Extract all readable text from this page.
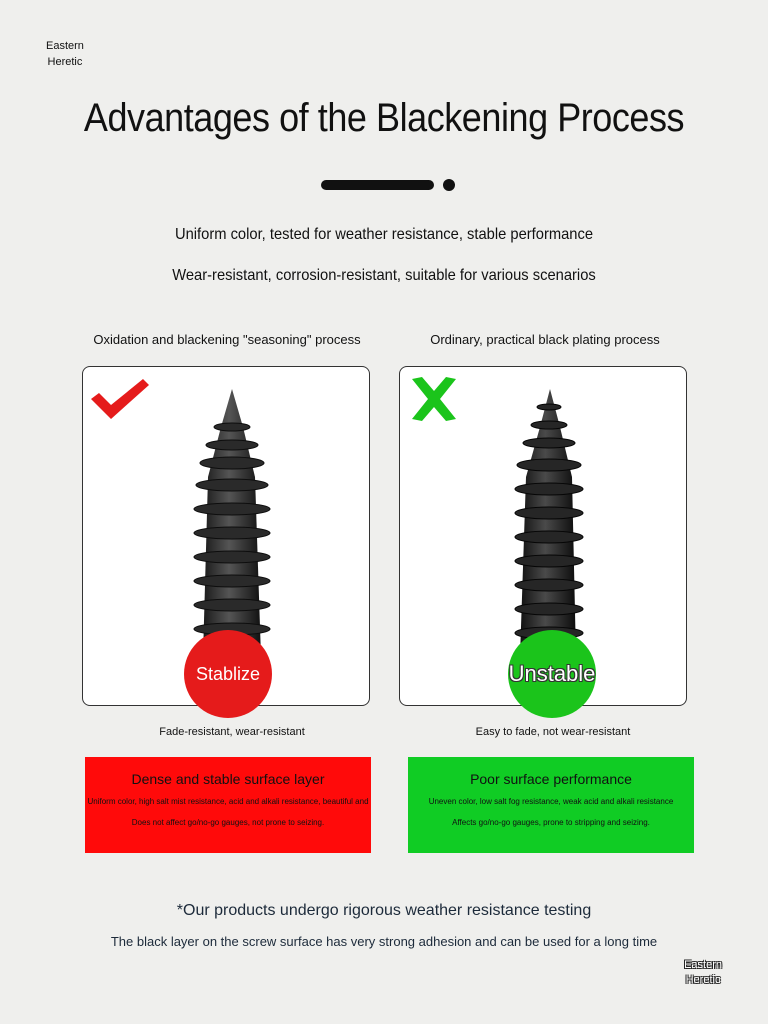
Eastern
Heretic
Advantages of the Blackening Process
Uniform color, tested for weather resistance, stable performance
Wear-resistant, corrosion-resistant, suitable for various scenarios
Oxidation and blackening "seasoning" process	Ordinary, practical black plating process
Stablize	Unstable
Fade-resistant, wear-resistant	Easy to fade, not wear-resistant
Dense and stable surface layer
Uniform color, high salt mist resistance, acid and alkali resistance, beautiful and
Does not affect go/no-go gauges, not prone to seizing.
Poor surface performance
Uneven color, low salt fog resistance, weak acid and alkali resistance
Affects go/no-go gauges, prone to stripping and seizing.
*Our products undergo rigorous weather resistance testing
The black layer on the screw surface has very strong adhesion and can be used for a long time
Eastern
Heretic
